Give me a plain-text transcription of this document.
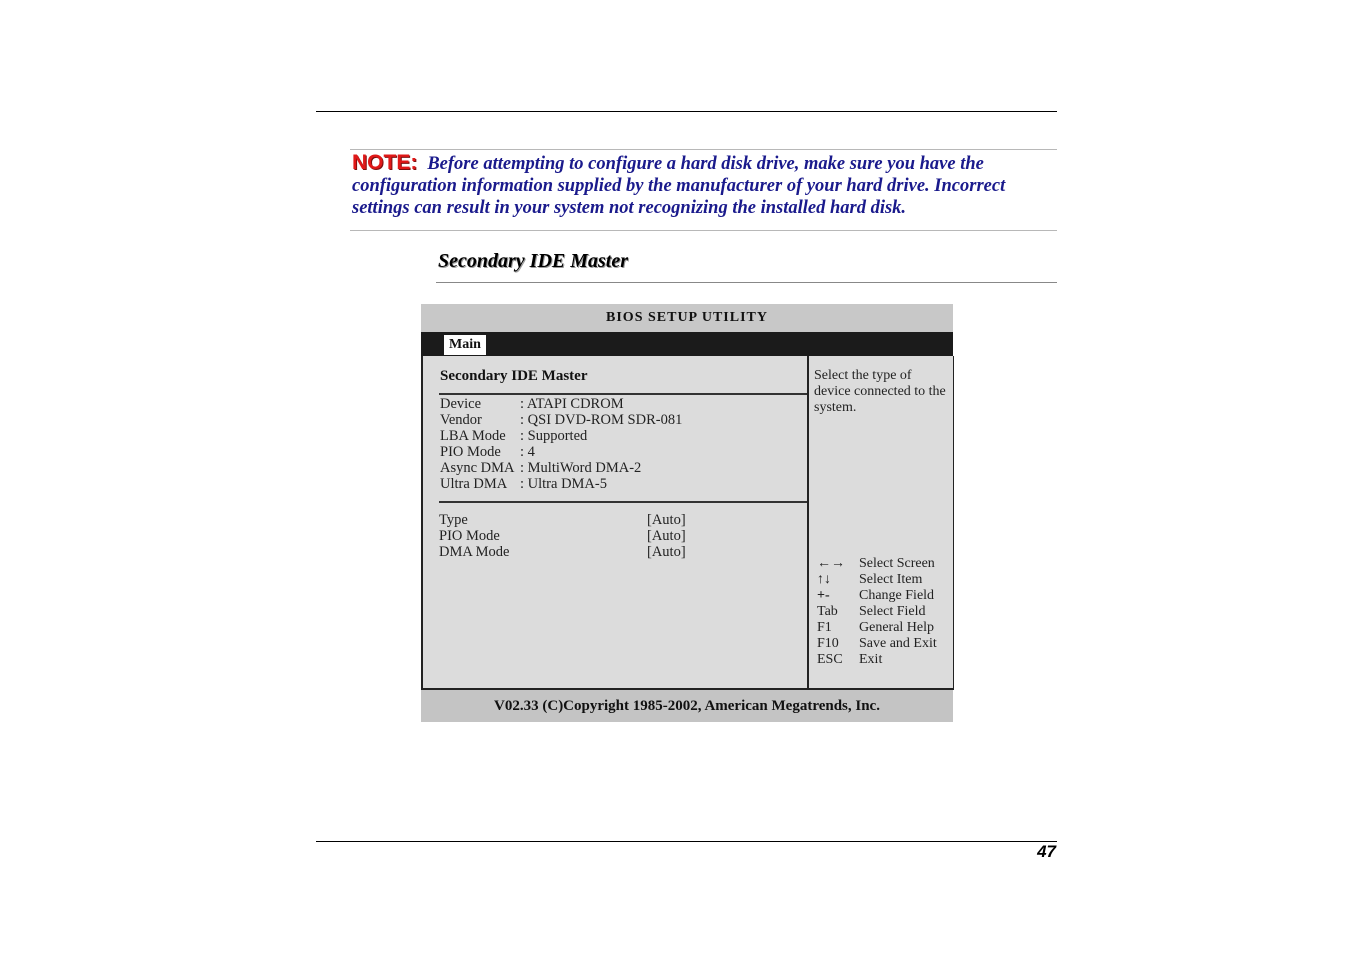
NOTE: Before attempting to configure a hard disk drive, make sure you have the configuration information supplied by the manufacturer of your hard drive. Incorrect settings can result in your system not recognizing the installed hard disk.
Secondary IDE Master
BIOS SETUP UTILITY
Main
Secondary IDE Master
Device	: ATAPI CDROM
Vendor	: QSI DVD-ROM SDR-081
LBA Mode : Supported
PIO Mode	: 4
Async DMA : MultiWord DMA-2
Ultra DMA : Ultra DMA-5
Type	[Auto]
PIO Mode	[Auto]
DMA Mode	[Auto]
Select the type of device connected to the system.
←→ Select Screen
↑↓ Select Item
+- Change Field
Tab Select Field
F1 General Help
F10 Save and Exit
ESC Exit
V02.33 (C)Copyright 1985-2002, American Megatrends, Inc.
47
